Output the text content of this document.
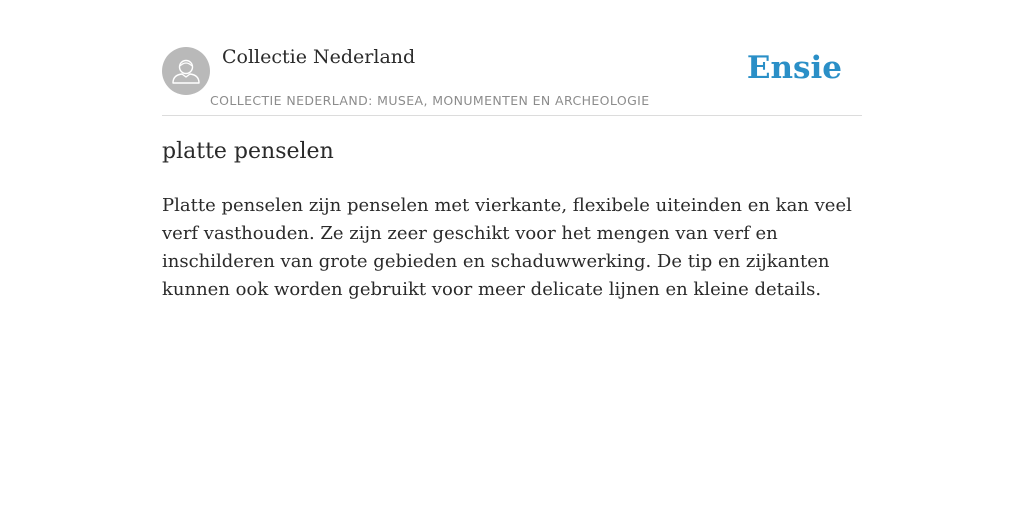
Collectie Nederland
COLLECTIE NEDERLAND: MUSEA, MONUMENTEN EN ARCHEOLOGIE
Ensie
platte penselen

Platte penselen zijn penselen met vierkante, flexibele uiteinden en kan veel verf vasthouden. Ze zijn zeer geschikt voor het mengen van verf en inschilderen van grote gebieden en schaduwwerking. De tip en zijkanten kunnen ook worden gebruikt voor meer delicate lijnen en kleine details.
